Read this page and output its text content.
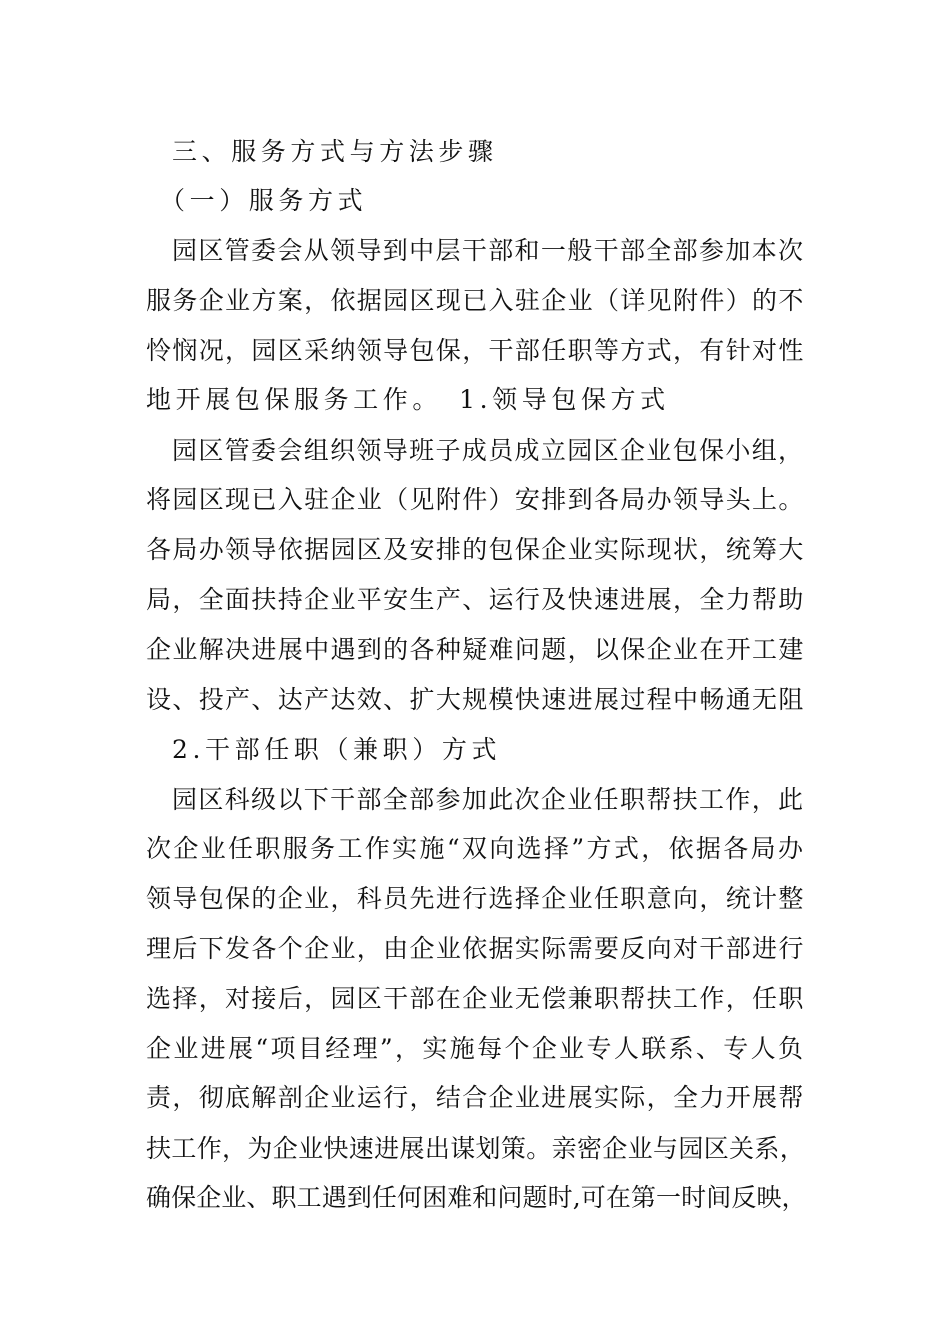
三、服务方式与方法步骤
（一）服务方式
园区管委会从领导到中层干部和一般干部全部参加本次
服务企业方案，依据园区现已入驻企业（详见附件）的不
怜悯况，园区采纳领导包保，干部任职等方式，有针对性
地开展包保服务工作。　1.领导包保方式
园区管委会组织领导班子成员成立园区企业包保小组，
将园区现已入驻企业（见附件）安排到各局办领导头上。
各局办领导依据园区及安排的包保企业实际现状，统筹大
局，全面扶持企业平安生产、运行及快速进展，全力帮助
企业解决进展中遇到的各种疑难问题，以保企业在开工建
设、投产、达产达效、扩大规模快速进展过程中畅通无阻
2.干部任职（兼职）方式
园区科级以下干部全部参加此次企业任职帮扶工作，此
次企业任职服务工作实施“双向选择”方式，依据各局办
领导包保的企业，科员先进行选择企业任职意向，统计整
理后下发各个企业，由企业依据实际需要反向对干部进行
选择，对接后，园区干部在企业无偿兼职帮扶工作，任职
企业进展“项目经理”，实施每个企业专人联系、专人负
责，彻底解剖企业运行，结合企业进展实际，全力开展帮
扶工作，为企业快速进展出谋划策。亲密企业与园区关系，
确保企业、职工遇到任何困难和问题时,可在第一时间反映，
